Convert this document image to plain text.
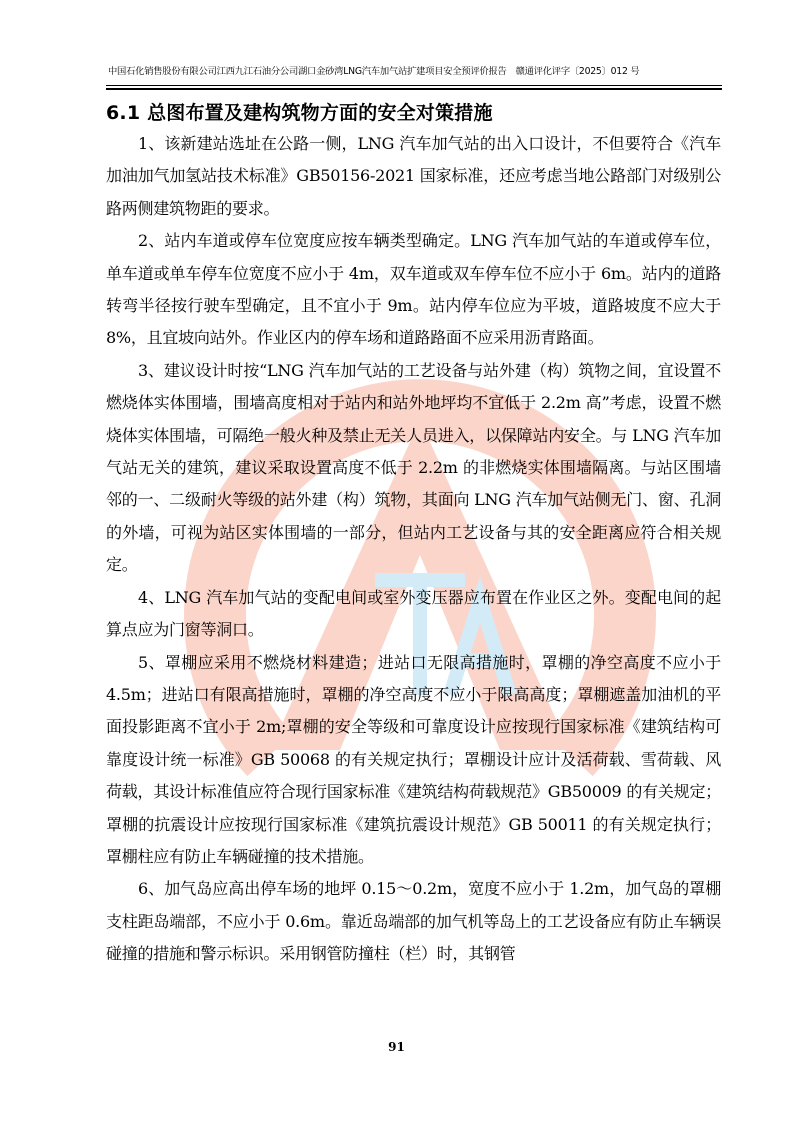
中国石化销售股份有限公司江西九江石油分公司湖口金砂湾LNG汽车加气站扩建项目安全预评价报告　赣通评化评字〔2025〕012 号
6.1 总图布置及建构筑物方面的安全对策措施

1、该新建站选址在公路一侧，LNG 汽车加气站的出入口设计，不但要符合《汽车加油加气加氢站技术标准》GB50156-2021 国家标准，还应考虑当地公路部门对级别公路两侧建筑物距的要求。

2、站内车道或停车位宽度应按车辆类型确定。LNG 汽车加气站的车道或停车位，单车道或单车停车位宽度不应小于 4m，双车道或双车停车位不应小于 6m。站内的道路转弯半径按行驶车型确定，且不宜小于 9m。站内停车位应为平坡，道路坡度不应大于 8%，且宜坡向站外。作业区内的停车场和道路路面不应采用沥青路面。

3、建议设计时按“LNG 汽车加气站的工艺设备与站外建（构）筑物之间，宜设置不燃烧体实体围墙，围墙高度相对于站内和站外地坪均不宜低于 2.2m 高”考虑，设置不燃烧体实体围墙，可隔绝一般火种及禁止无关人员进入，以保障站内安全。与 LNG 汽车加气站无关的建筑，建议采取设置高度不低于 2.2m 的非燃烧实体围墙隔离。与站区围墙邻的一、二级耐火等级的站外建（构）筑物，其面向 LNG 汽车加气站侧无门、窗、孔洞的外墙，可视为站区实体围墙的一部分，但站内工艺设备与其的安全距离应符合相关规定。

4、LNG 汽车加气站的变配电间或室外变压器应布置在作业区之外。变配电间的起算点应为门窗等洞口。

5、罩棚应采用不燃烧材料建造；进站口无限高措施时，罩棚的净空高度不应小于 4.5m；进站口有限高措施时，罩棚的净空高度不应小于限高高度；罩棚遮盖加油机的平面投影距离不宜小于 2m;罩棚的安全等级和可靠度设计应按现行国家标准《建筑结构可靠度设计统一标准》GB 50068 的有关规定执行；罩棚设计应计及活荷载、雪荷载、风荷载，其设计标准值应符合现行国家标准《建筑结构荷载规范》GB50009 的有关规定；罩棚的抗震设计应按现行国家标准《建筑抗震设计规范》GB 50011 的有关规定执行；罩棚柱应有防止车辆碰撞的技术措施。

6、加气岛应高出停车场的地坪 0.15～0.2m，宽度不应小于 1.2m，加气岛的罩棚支柱距岛端部，不应小于 0.6m。靠近岛端部的加气机等岛上的工艺设备应有防止车辆误碰撞的措施和警示标识。采用钢管防撞柱（栏）时，其钢管

91
